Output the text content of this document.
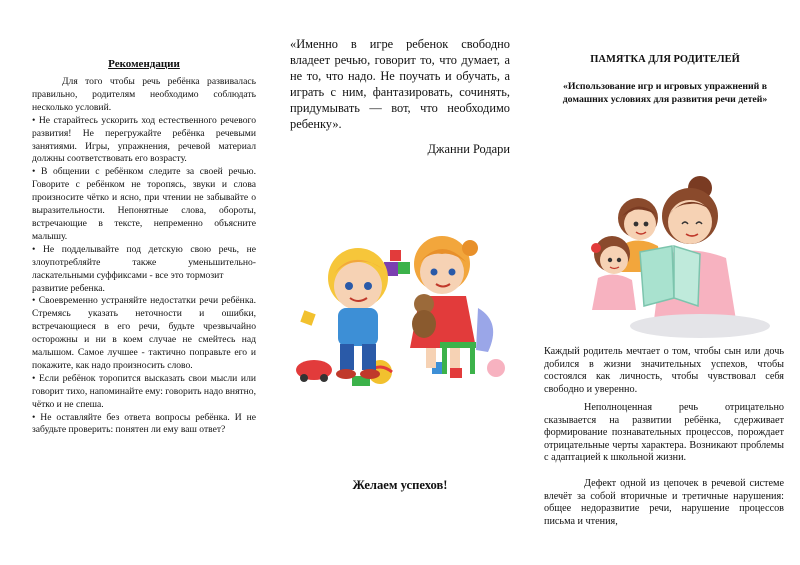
Рекомендации

Для того чтобы речь ребёнка развивалась правильно, родителям необходимо соблюдать несколько условий.

• Не старайтесь ускорить ход естественного речевого развития! Не перегружайте ребёнка речевыми занятиями. Игры, упражнения, речевой материал должны соответствовать его возрасту.

• В общении с ребёнком следите за своей речью. Говорите с ребёнком не торопясь, звуки и слова произносите чётко и ясно, при чтении не забывайте о выразительности. Непонятные слова, обороты, встречающие в тексте, непременно объясните малышу.

• Не подделывайте под детскую свою речь, не злоупотребляйте также уменьшительно-ласкательными суффиксами - все это тормозит

развитие ребенка.

• Своевременно устраняйте недостатки речи ребёнка. Стремясь указать неточности и ошибки, встречающиеся в его речи, будьте чрезвычайно осторожны и ни в коем случае не смейтесь над малышом. Самое лучшее - тактично поправьте его и покажите, как надо произносить слово.

• Если ребёнок торопится высказать свои мысли или говорит тихо, напоминайте ему: говорить надо внятно, чётко и не спеша.

• Не оставляйте без ответа вопросы ребёнка. И не забудьте проверить: понятен ли ему ваш ответ?

«Именно в игре ребенок свободно владеет речью, говорит то, что думает, а не то, что надо. Не поучать и обучать, а играть с ним, фантазировать, сочинять, придумывать — вот, что необходимо ребенку».

Джанни Родари

Желаем успехов!

ПАМЯТКА ДЛЯ РОДИТЕЛЕЙ

«Использование игр и игровых упражнений в домашних условиях для развития речи детей»

Каждый родитель мечтает о том, чтобы сын или дочь добился в жизни значительных успехов, чтобы состоялся как личность, чтобы чувствовал себя свободно и уверенно.

Неполноценная речь отрицательно сказывается на развитии ребёнка, сдерживает формирование познавательных процессов, порождает отрицательные черты характера. Возникают проблемы с адаптацией к школьной жизни.

Дефект одной из цепочек в речевой системе влечёт за собой вторичные и третичные нарушения: общее недоразвитие речи, нарушение процессов письма и чтения,
